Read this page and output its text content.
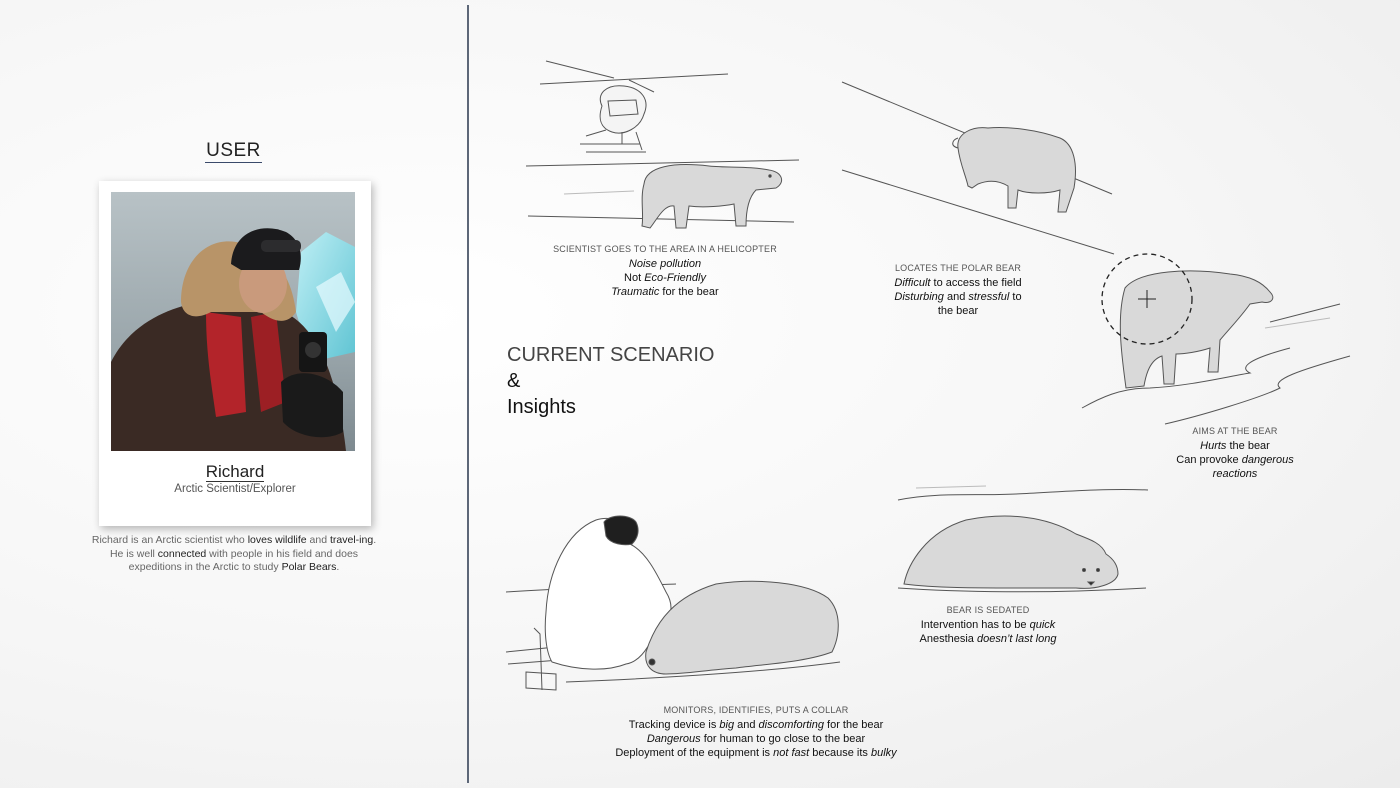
USER
Richard
Arctic Scientist/Explorer
Richard is an Arctic scientist who loves wildlife and travel-ing. He is well connected with people in his field and does expeditions in the Arctic to study Polar Bears.
CURRENT SCENARIO
&
Insights
SCIENTIST GOES TO THE AREA IN A HELICOPTER
Noise pollution
Not Eco-Friendly
Traumatic for the bear
LOCATES THE POLAR BEAR
Difficult to access the field
Disturbing and stressful to
the bear
AIMS AT THE BEAR
Hurts the bear
Can provoke dangerous
reactions
BEAR IS SEDATED
Intervention has to be quick
Anesthesia doesn’t last long
MONITORS, IDENTIFIES, PUTS A COLLAR
Tracking device is big and discomforting for the bear
Dangerous for human to go close to the bear
Deployment of the equipment is not fast because its bulky
